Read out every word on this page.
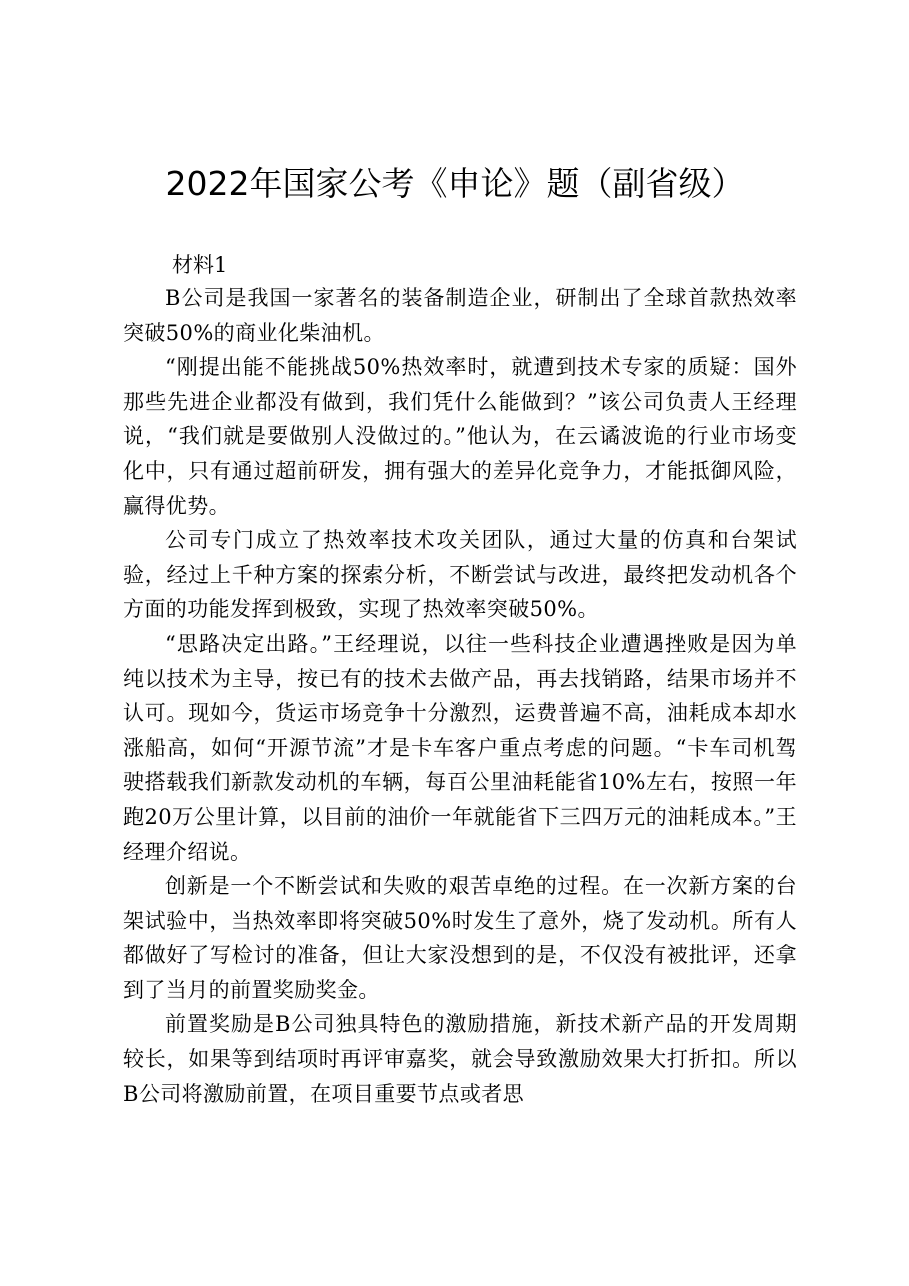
2022年国家公考《申论》题（副省级）

材料1

B公司是我国一家著名的装备制造企业，研制出了全球首款热效率突破50%的商业化柴油机。

“刚提出能不能挑战50%热效率时，就遭到技术专家的质疑：国外那些先进企业都没有做到，我们凭什么能做到？”该公司负责人王经理说，“我们就是要做别人没做过的。”他认为，在云谲波诡的行业市场变化中，只有通过超前研发，拥有强大的差异化竞争力，才能抵御风险，赢得优势。

公司专门成立了热效率技术攻关团队，通过大量的仿真和台架试验，经过上千种方案的探索分析，不断尝试与改进，最终把发动机各个方面的功能发挥到极致，实现了热效率突破50%。

“思路决定出路。”王经理说，以往一些科技企业遭遇挫败是因为单纯以技术为主导，按已有的技术去做产品，再去找销路，结果市场并不认可。现如今，货运市场竞争十分激烈，运费普遍不高，油耗成本却水涨船高，如何“开源节流”才是卡车客户重点考虑的问题。“卡车司机驾驶搭载我们新款发动机的车辆，每百公里油耗能省10%左右，按照一年跑20万公里计算，以目前的油价一年就能省下三四万元的油耗成本。”王经理介绍说。

创新是一个不断尝试和失败的艰苦卓绝的过程。在一次新方案的台架试验中，当热效率即将突破50%时发生了意外，烧了发动机。所有人都做好了写检讨的准备，但让大家没想到的是，不仅没有被批评，还拿到了当月的前置奖励奖金。

前置奖励是B公司独具特色的激励措施，新技术新产品的开发周期较长，如果等到结项时再评审嘉奖，就会导致激励效果大打折扣。所以B公司将激励前置，在项目重要节点或者思
